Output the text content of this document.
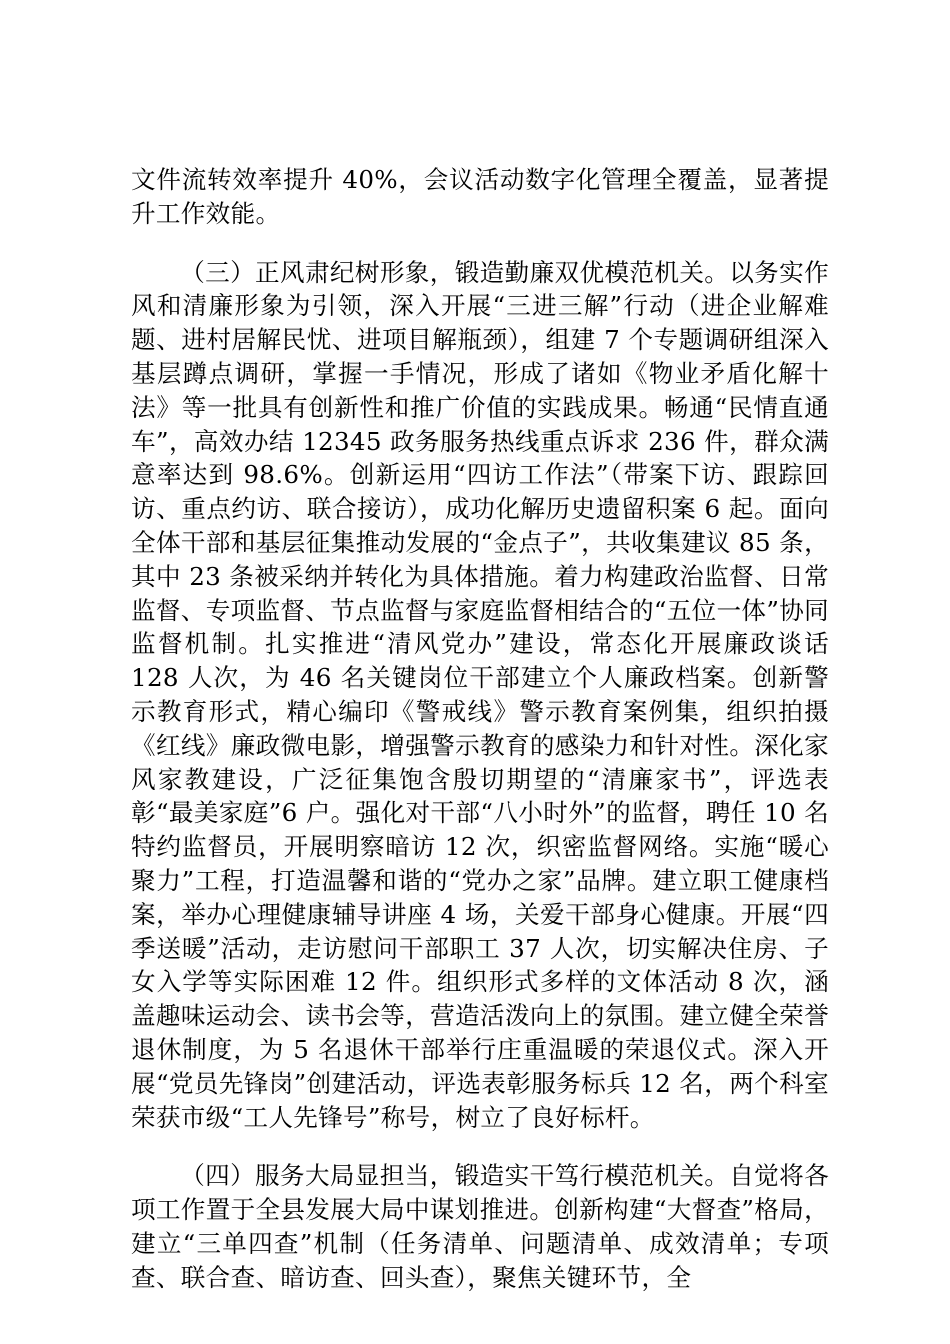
文件流转效率提升 40%，会议活动数字化管理全覆盖，显著提升工作效能。

（三）正风肃纪树形象，锻造勤廉双优模范机关。以务实作风和清廉形象为引领，深入开展“三进三解”行动（进企业解难题、进村居解民忧、进项目解瓶颈），组建 7 个专题调研组深入基层蹲点调研，掌握一手情况，形成了诸如《物业矛盾化解十法》等一批具有创新性和推广价值的实践成果。畅通“民情直通车”，高效办结 12345 政务服务热线重点诉求 236 件，群众满意率达到 98.6%。创新运用“四访工作法”（带案下访、跟踪回访、重点约访、联合接访），成功化解历史遗留积案 6 起。面向全体干部和基层征集推动发展的“金点子”，共收集建议 85 条，其中 23 条被采纳并转化为具体措施。着力构建政治监督、日常监督、专项监督、节点监督与家庭监督相结合的“五位一体”协同监督机制。扎实推进“清风党办”建设，常态化开展廉政谈话 128 人次，为 46 名关键岗位干部建立个人廉政档案。创新警示教育形式，精心编印《警戒线》警示教育案例集，组织拍摄《红线》廉政微电影，增强警示教育的感染力和针对性。深化家风家教建设，广泛征集饱含殷切期望的“清廉家书”，评选表彰“最美家庭”6 户。强化对干部“八小时外”的监督，聘任 10 名特约监督员，开展明察暗访 12 次，织密监督网络。实施“暖心聚力”工程，打造温馨和谐的“党办之家”品牌。建立职工健康档案，举办心理健康辅导讲座 4 场，关爱干部身心健康。开展“四季送暖”活动，走访慰问干部职工 37 人次，切实解决住房、子女入学等实际困难 12 件。组织形式多样的文体活动 8 次，涵盖趣味运动会、读书会等，营造活泼向上的氛围。建立健全荣誉退休制度，为 5 名退休干部举行庄重温暖的荣退仪式。深入开展“党员先锋岗”创建活动，评选表彰服务标兵 12 名，两个科室荣获市级“工人先锋号”称号，树立了良好标杆。

（四）服务大局显担当，锻造实干笃行模范机关。自觉将各项工作置于全县发展大局中谋划推进。创新构建“大督查”格局，建立“三单四查”机制（任务清单、问题清单、成效清单；专项查、联合查、暗访查、回头查），聚焦关键环节，全
